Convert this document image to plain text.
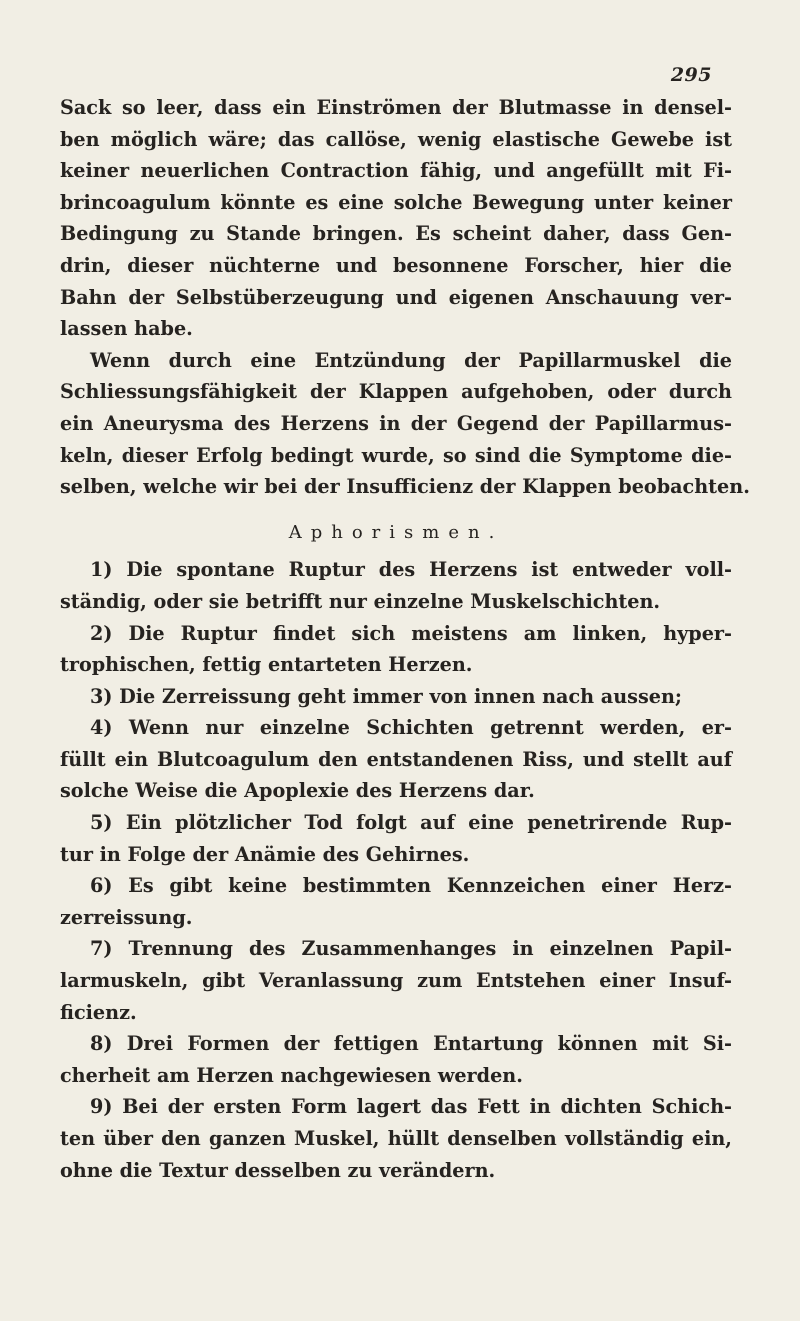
295
Sack so leer, dass ein Einströmen der Blutmasse in densel-
ben möglich wäre; das callöse, wenig elastische Gewebe ist
keiner neuerlichen Contraction fähig, und angefüllt mit Fi-
brincoagulum könnte es eine solche Bewegung unter keiner
Bedingung zu Stande bringen. Es scheint daher, dass Gen-
drin, dieser nüchterne und besonnene Forscher, hier die
Bahn der Selbstüberzeugung und eigenen Anschauung ver-
lassen habe.
Wenn durch eine Entzündung der Papillarmuskel die
Schliessungsfähigkeit der Klappen aufgehoben, oder durch
ein Aneurysma des Herzens in der Gegend der Papillarmus-
keln, dieser Erfolg bedingt wurde, so sind die Symptome die-
selben, welche wir bei der Insufficienz der Klappen beobachten.
Aphorismen.
1) Die spontane Ruptur des Herzens ist entweder voll-
ständig, oder sie betrifft nur einzelne Muskelschichten.
2) Die Ruptur findet sich meistens am linken, hyper-
trophischen, fettig entarteten Herzen.
3) Die Zerreissung geht immer von innen nach aussen;
4) Wenn nur einzelne Schichten getrennt werden, er-
füllt ein Blutcoagulum den entstandenen Riss, und stellt auf
solche Weise die Apoplexie des Herzens dar.
5) Ein plötzlicher Tod folgt auf eine penetrirende Rup-
tur in Folge der Anämie des Gehirnes.
6) Es gibt keine bestimmten Kennzeichen einer Herz-
zerreissung.
7) Trennung des Zusammenhanges in einzelnen Papil-
larmuskeln, gibt Veranlassung zum Entstehen einer Insuf-
ficienz.
8) Drei Formen der fettigen Entartung können mit Si-
cherheit am Herzen nachgewiesen werden.
9) Bei der ersten Form lagert das Fett in dichten Schich-
ten über den ganzen Muskel, hüllt denselben vollständig ein,
ohne die Textur desselben zu verändern.
